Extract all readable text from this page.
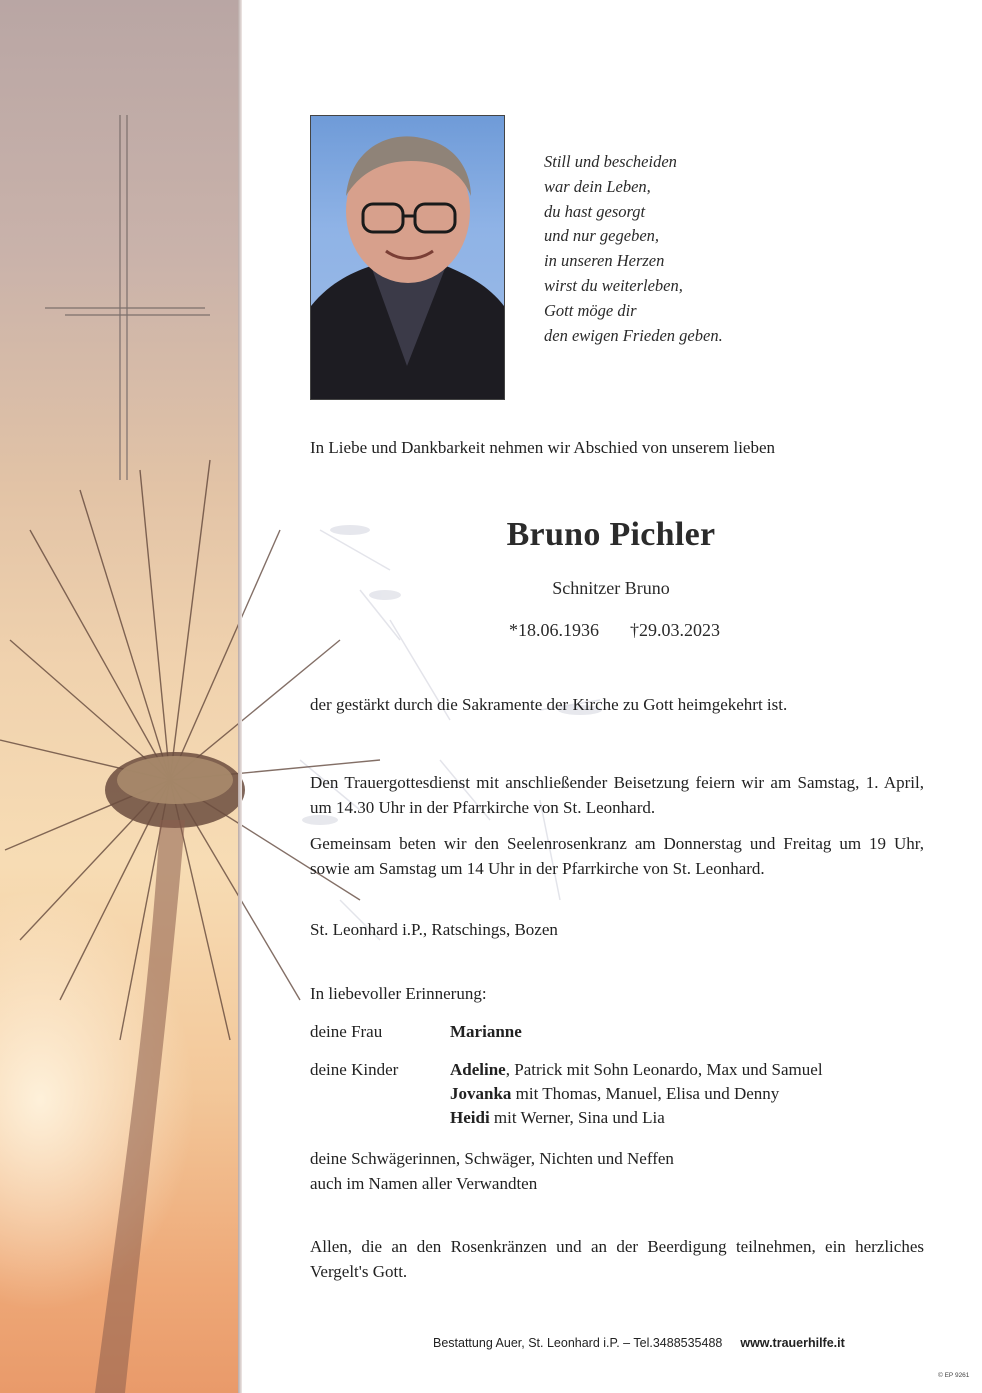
Still und bescheiden
war dein Leben,
du hast gesorgt
und nur gegeben,
in unseren Herzen
wirst du weiterleben,
Gott möge dir
den ewigen Frieden geben.
In Liebe und Dankbarkeit nehmen wir Abschied von unserem lieben
Bruno Pichler
Schnitzer Bruno
*18.06.1936 †29.03.2023
der gestärkt durch die Sakramente der Kirche zu Gott heimgekehrt ist.
Den Trauergottesdienst mit anschließender Beisetzung feiern wir am Samstag, 1. April, um 14.30 Uhr in der Pfarrkirche von St. Leonhard.
Gemeinsam beten wir den Seelenrosenkranz am Donnerstag und Freitag um 19 Uhr, sowie am Samstag um 14 Uhr in der Pfarrkirche von St. Leonhard.
St. Leonhard i.P., Ratschings, Bozen
In liebevoller Erinnerung:
deine Frau	Marianne
deine Kinder	Adeline, Patrick mit Sohn Leonardo, Max und Samuel
Jovanka mit Thomas, Manuel, Elisa und Denny
Heidi mit Werner, Sina und Lia
deine Schwägerinnen, Schwäger, Nichten und Neffen
auch im Namen aller Verwandten
Allen, die an den Rosenkränzen und an der Beerdigung teilnehmen, ein herzliches Vergelt's Gott.
Bestattung Auer, St. Leonhard i.P. – Tel.3488535488 www.trauerhilfe.it
© EP 9261
